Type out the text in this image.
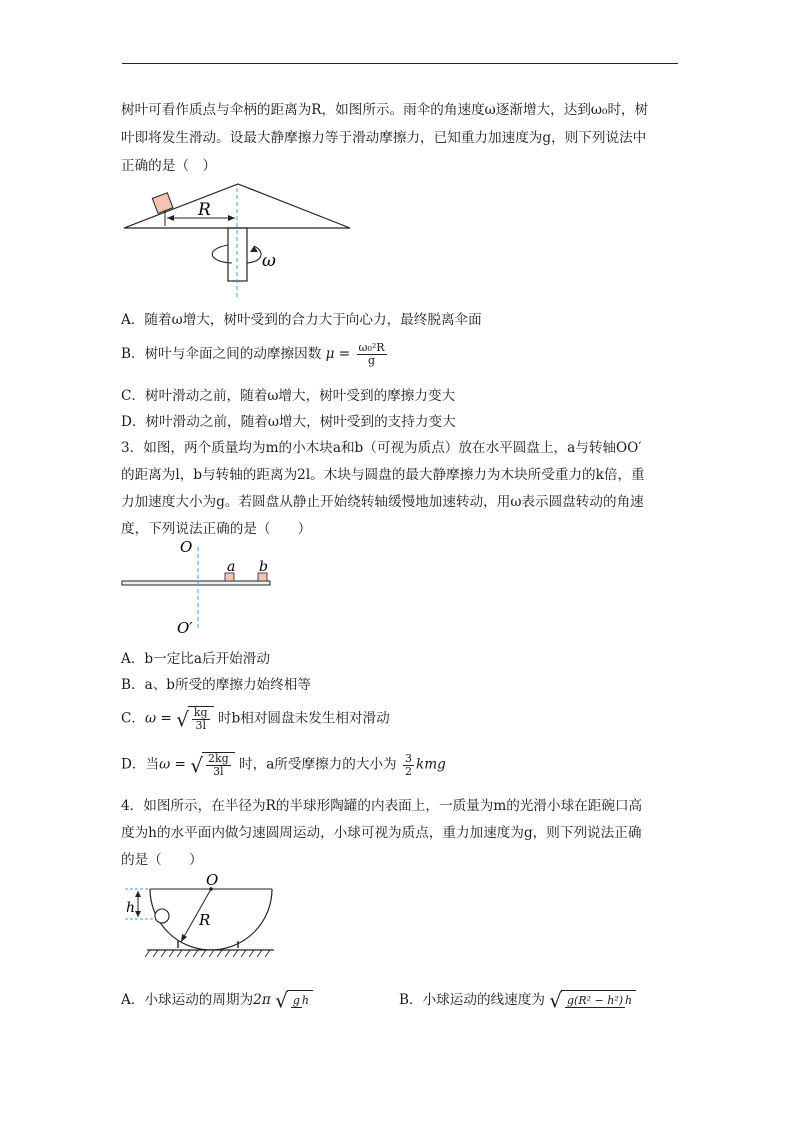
树叶可看作质点与伞柄的距离为R，如图所示。雨伞的角速度ω逐渐增大，达到ω₀时，树
叶即将发生滑动。设最大静摩擦力等于滑动摩擦力，已知重力加速度为g，则下列说法中
正确的是（　）
R
ω
A．随着ω增大，树叶受到的合力大于向心力，最终脱离伞面
B．树叶与伞面之间的动摩擦因数 $\mu = \frac{\text{ω₀²R}}{g}$
C．树叶滑动之前，随着ω增大，树叶受到的摩擦力变大
D．树叶滑动之前，随着ω增大，树叶受到的支持力变大
3．如图，两个质量均为m的小木块a和b（可视为质点）放在水平圆盘上，a与转轴OO′
的距离为l，b与转轴的距离为2l。木块与圆盘的最大静摩擦力为木块所受重力的k倍，重
力加速度大小为g。若圆盘从静止开始绕转轴缓慢地加速转动，用ω表示圆盘转动的角速
度，下列说法正确的是（　　）
O
O′
a b
A．b一定比a后开始滑动
B．a、b所受的摩擦力始终相等
C．ω = √ $\frac{kg}{3l}$ 时b相对圆盘未发生相对滑动
D．当ω = √ $\frac{2kg}{3l}$ 时，a所受摩擦力的大小为 $\frac{3}{2}$ kmg
4．如图所示，在半径为R的半球形陶罐的内表面上，一质量为m的光滑小球在距碗口高
度为h的水平面内做匀速圆周运动，小球可视为质点，重力加速度为g，则下列说法正确
的是（　　）
h
O
R
A．小球运动的周期为2π √ g h	B．小球运动的线速度为 √ g(R² − h²) h
